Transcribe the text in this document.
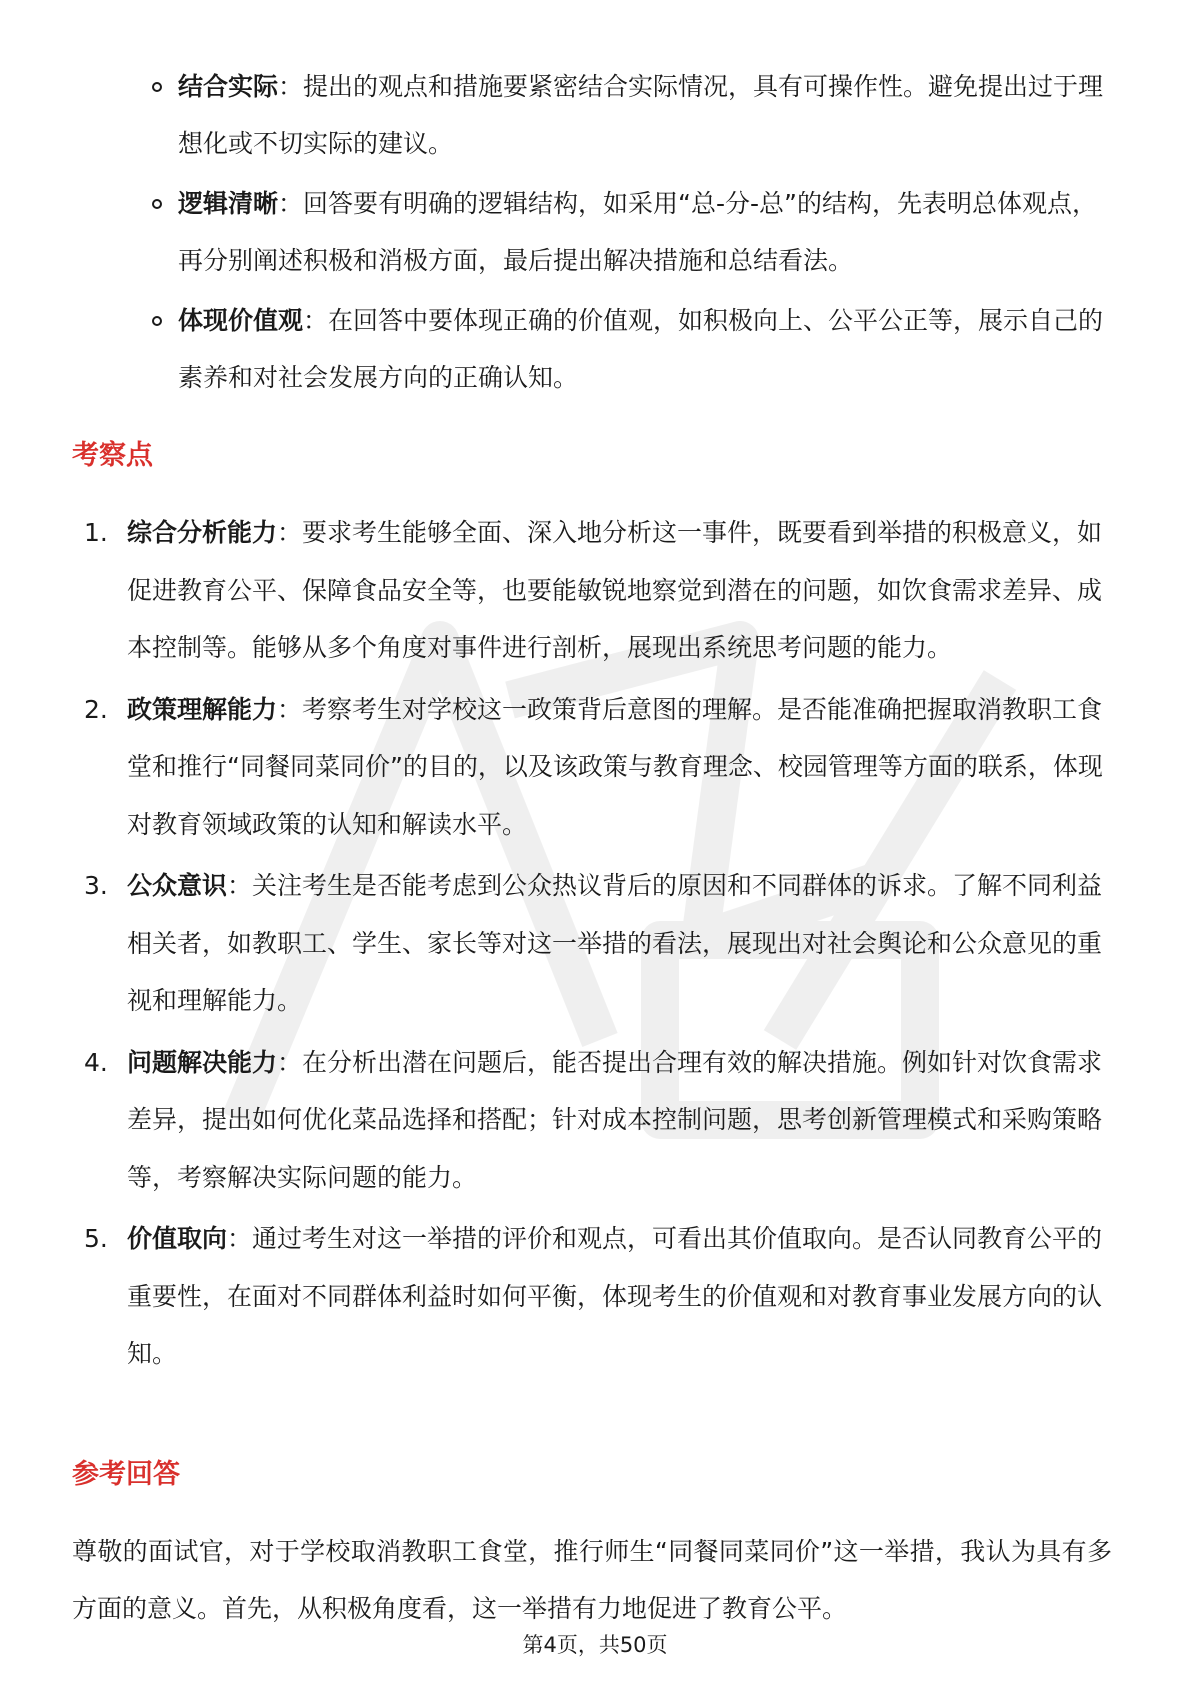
结合实际：提出的观点和措施要紧密结合实际情况，具有可操作性。避免提出过于理想化或不切实际的建议。
逻辑清晰：回答要有明确的逻辑结构，如采用“总-分-总”的结构，先表明总体观点，再分别阐述积极和消极方面，最后提出解决措施和总结看法。
体现价值观：在回答中要体现正确的价值观，如积极向上、公平公正等，展示自己的素养和对社会发展方向的正确认知。
考察点
1. 综合分析能力：要求考生能够全面、深入地分析这一事件，既要看到举措的积极意义，如促进教育公平、保障食品安全等，也要能敏锐地察觉到潜在的问题，如饮食需求差异、成本控制等。能够从多个角度对事件进行剖析，展现出系统思考问题的能力。
2. 政策理解能力：考察考生对学校这一政策背后意图的理解。是否能准确把握取消教职工食堂和推行“同餐同菜同价”的目的，以及该政策与教育理念、校园管理等方面的联系，体现对教育领域政策的认知和解读水平。
3. 公众意识：关注考生是否能考虑到公众热议背后的原因和不同群体的诉求。了解不同利益相关者，如教职工、学生、家长等对这一举措的看法，展现出对社会舆论和公众意见的重视和理解能力。
4. 问题解决能力：在分析出潜在问题后，能否提出合理有效的解决措施。例如针对饮食需求差异，提出如何优化菜品选择和搭配；针对成本控制问题，思考创新管理模式和采购策略等，考察解决实际问题的能力。
5. 价值取向：通过考生对这一举措的评价和观点，可看出其价值取向。是否认同教育公平的重要性，在面对不同群体利益时如何平衡，体现考生的价值观和对教育事业发展方向的认知。
参考回答

尊敬的面试官，对于学校取消教职工食堂，推行师生“同餐同菜同价”这一举措，我认为具有多方面的意义。首先，从积极角度看，这一举措有力地促进了教育公平。

第4页，共50页
